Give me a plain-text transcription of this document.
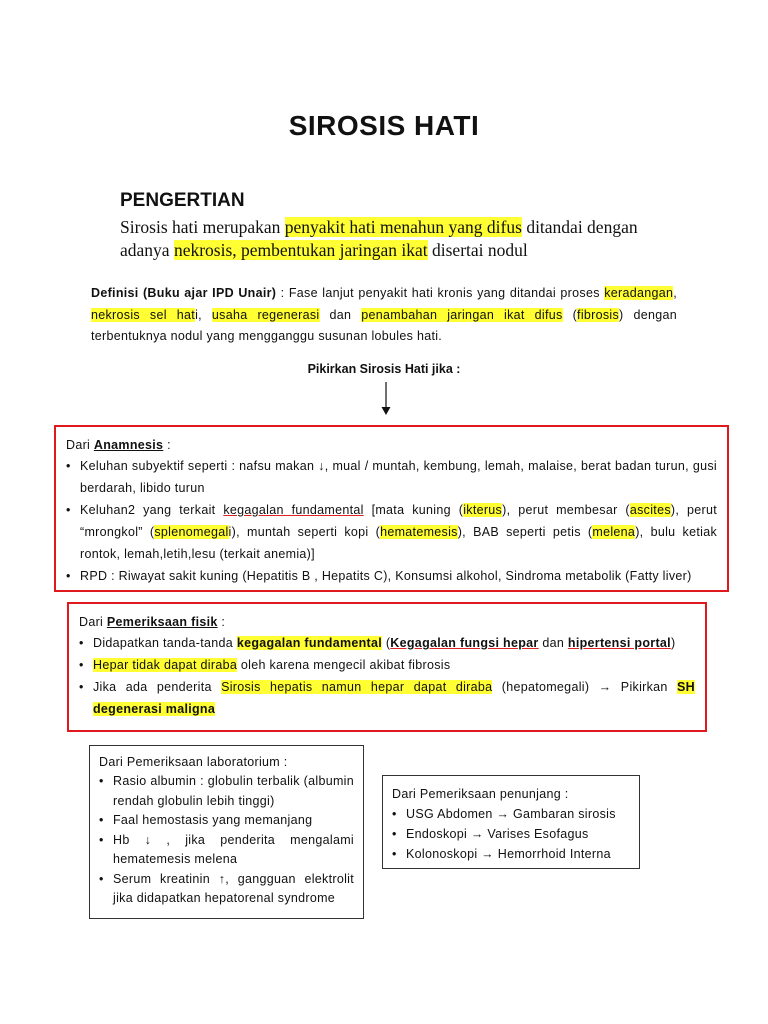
SIROSIS HATI
PENGERTIAN
Sirosis hati merupakan penyakit hati menahun yang difus ditandai dengan adanya nekrosis, pembentukan jaringan ikat disertai nodul
Definisi (Buku ajar IPD Unair) : Fase lanjut penyakit hati kronis yang ditandai proses keradangan, nekrosis sel hati, usaha regenerasi dan penambahan jaringan ikat difus (fibrosis) dengan terbentuknya nodul yang mengganggu susunan lobules hati.
Pikirkan Sirosis Hati jika :
Dari Anamnesis :
• Keluhan subyektif seperti : nafsu makan ↓, mual / muntah, kembung, lemah, malaise, berat badan turun, gusi berdarah, libido turun
• Keluhan2 yang terkait kegagalan fundamental [mata kuning (ikterus), perut membesar (ascites), perut “mrongkol” (splenomegali), muntah seperti kopi (hematemesis), BAB seperti petis (melena), bulu ketiak rontok, lemah,letih,lesu (terkait anemia)]
• RPD : Riwayat sakit kuning (Hepatitis B , Hepatits C), Konsumsi alkohol, Sindroma metabolik (Fatty liver)
Dari Pemeriksaan fisik :
• Didapatkan tanda-tanda kegagalan fundamental (Kegagalan fungsi hepar dan hipertensi portal)
• Hepar tidak dapat diraba oleh karena mengecil akibat fibrosis
• Jika ada penderita Sirosis hepatis namun hepar dapat diraba (hepatomegali) → Pikirkan SH degenerasi maligna
Dari Pemeriksaan laboratorium :
• Rasio albumin : globulin terbalik (albumin rendah globulin lebih tinggi)
• Faal hemostasis yang memanjang
• Hb ↓ , jika penderita mengalami hematemesis melena
• Serum kreatinin ↑, gangguan elektrolit jika didapatkan hepatorenal syndrome
Dari Pemeriksaan penunjang :
• USG Abdomen → Gambaran sirosis
• Endoskopi → Varises Esofagus
• Kolonoskopi → Hemorrhoid Interna
